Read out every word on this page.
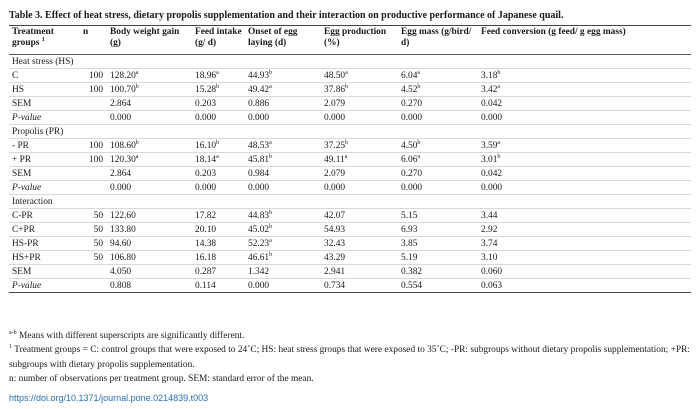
Table 3. Effect of heat stress, dietary propolis supplementation and their interaction on productive performance of Japanese quail.
Treatment groups $^1$	n	Body weight gain (g)	Feed intake (g/ d)	Onset of egg laying (d)	Egg production (%)	Egg mass (g/bird/ d)	Feed conversion (g feed/ g egg mass)
Heat stress (HS)							
C	100	128.20$^a$	18.96$^a$	44.93$^b$	48.50$^a$	6.04$^a$	3.18$^b$
HS	100	100.70$^b$	15.28$^b$	49.42$^a$	37.86$^b$	4.52$^b$	3.42$^a$
SEM		2.864	0.203	0.886	2.079	0.270	0.042
P-value		0.000	0.000	0.000	0.000	0.000	0.000
Propolis (PR)							
- PR	100	108.60$^b$	16.10$^b$	48.53$^a$	37.25$^b$	4.50$^b$	3.59$^a$
+ PR	100	120.30$^a$	18.14$^a$	45.81$^b$	49.11$^a$	6.06$^a$	3.01$^b$
SEM		2.864	0.203	0.984	2.079	0.270	0.042
P-value		0.000	0.000	0.000	0.000	0.000	0.000
Interaction							
C-PR	50	122.60	17.82	44.83$^b$	42.07	5.15	3.44
C+PR	50	133.80	20.10	45.02$^b$	54.93	6.93	2.92
HS-PR	50	94.60	14.38	52.23$^a$	32.43	3.85	3.74
HS+PR	50	106.80	16.18	46.61$^b$	43.29	5.19	3.10
SEM		4.050	0.287	1.342	2.941	0.382	0.060
P-value		0.808	0.114	0.000	0.734	0.554	0.063

$^{a-b}$ Means with different superscripts are significantly different.

$^1$ Treatment groups = C: control groups that were exposed to 24˚C; HS: heat stress groups that were exposed to 35˚C; -PR: subgroups without dietary propolis supplementation; +PR: subgroups with dietary propolis supplementation.

n: number of observations per treatment group. SEM: standard error of the mean.

https://doi.org/10.1371/journal.pone.0214839.t003
